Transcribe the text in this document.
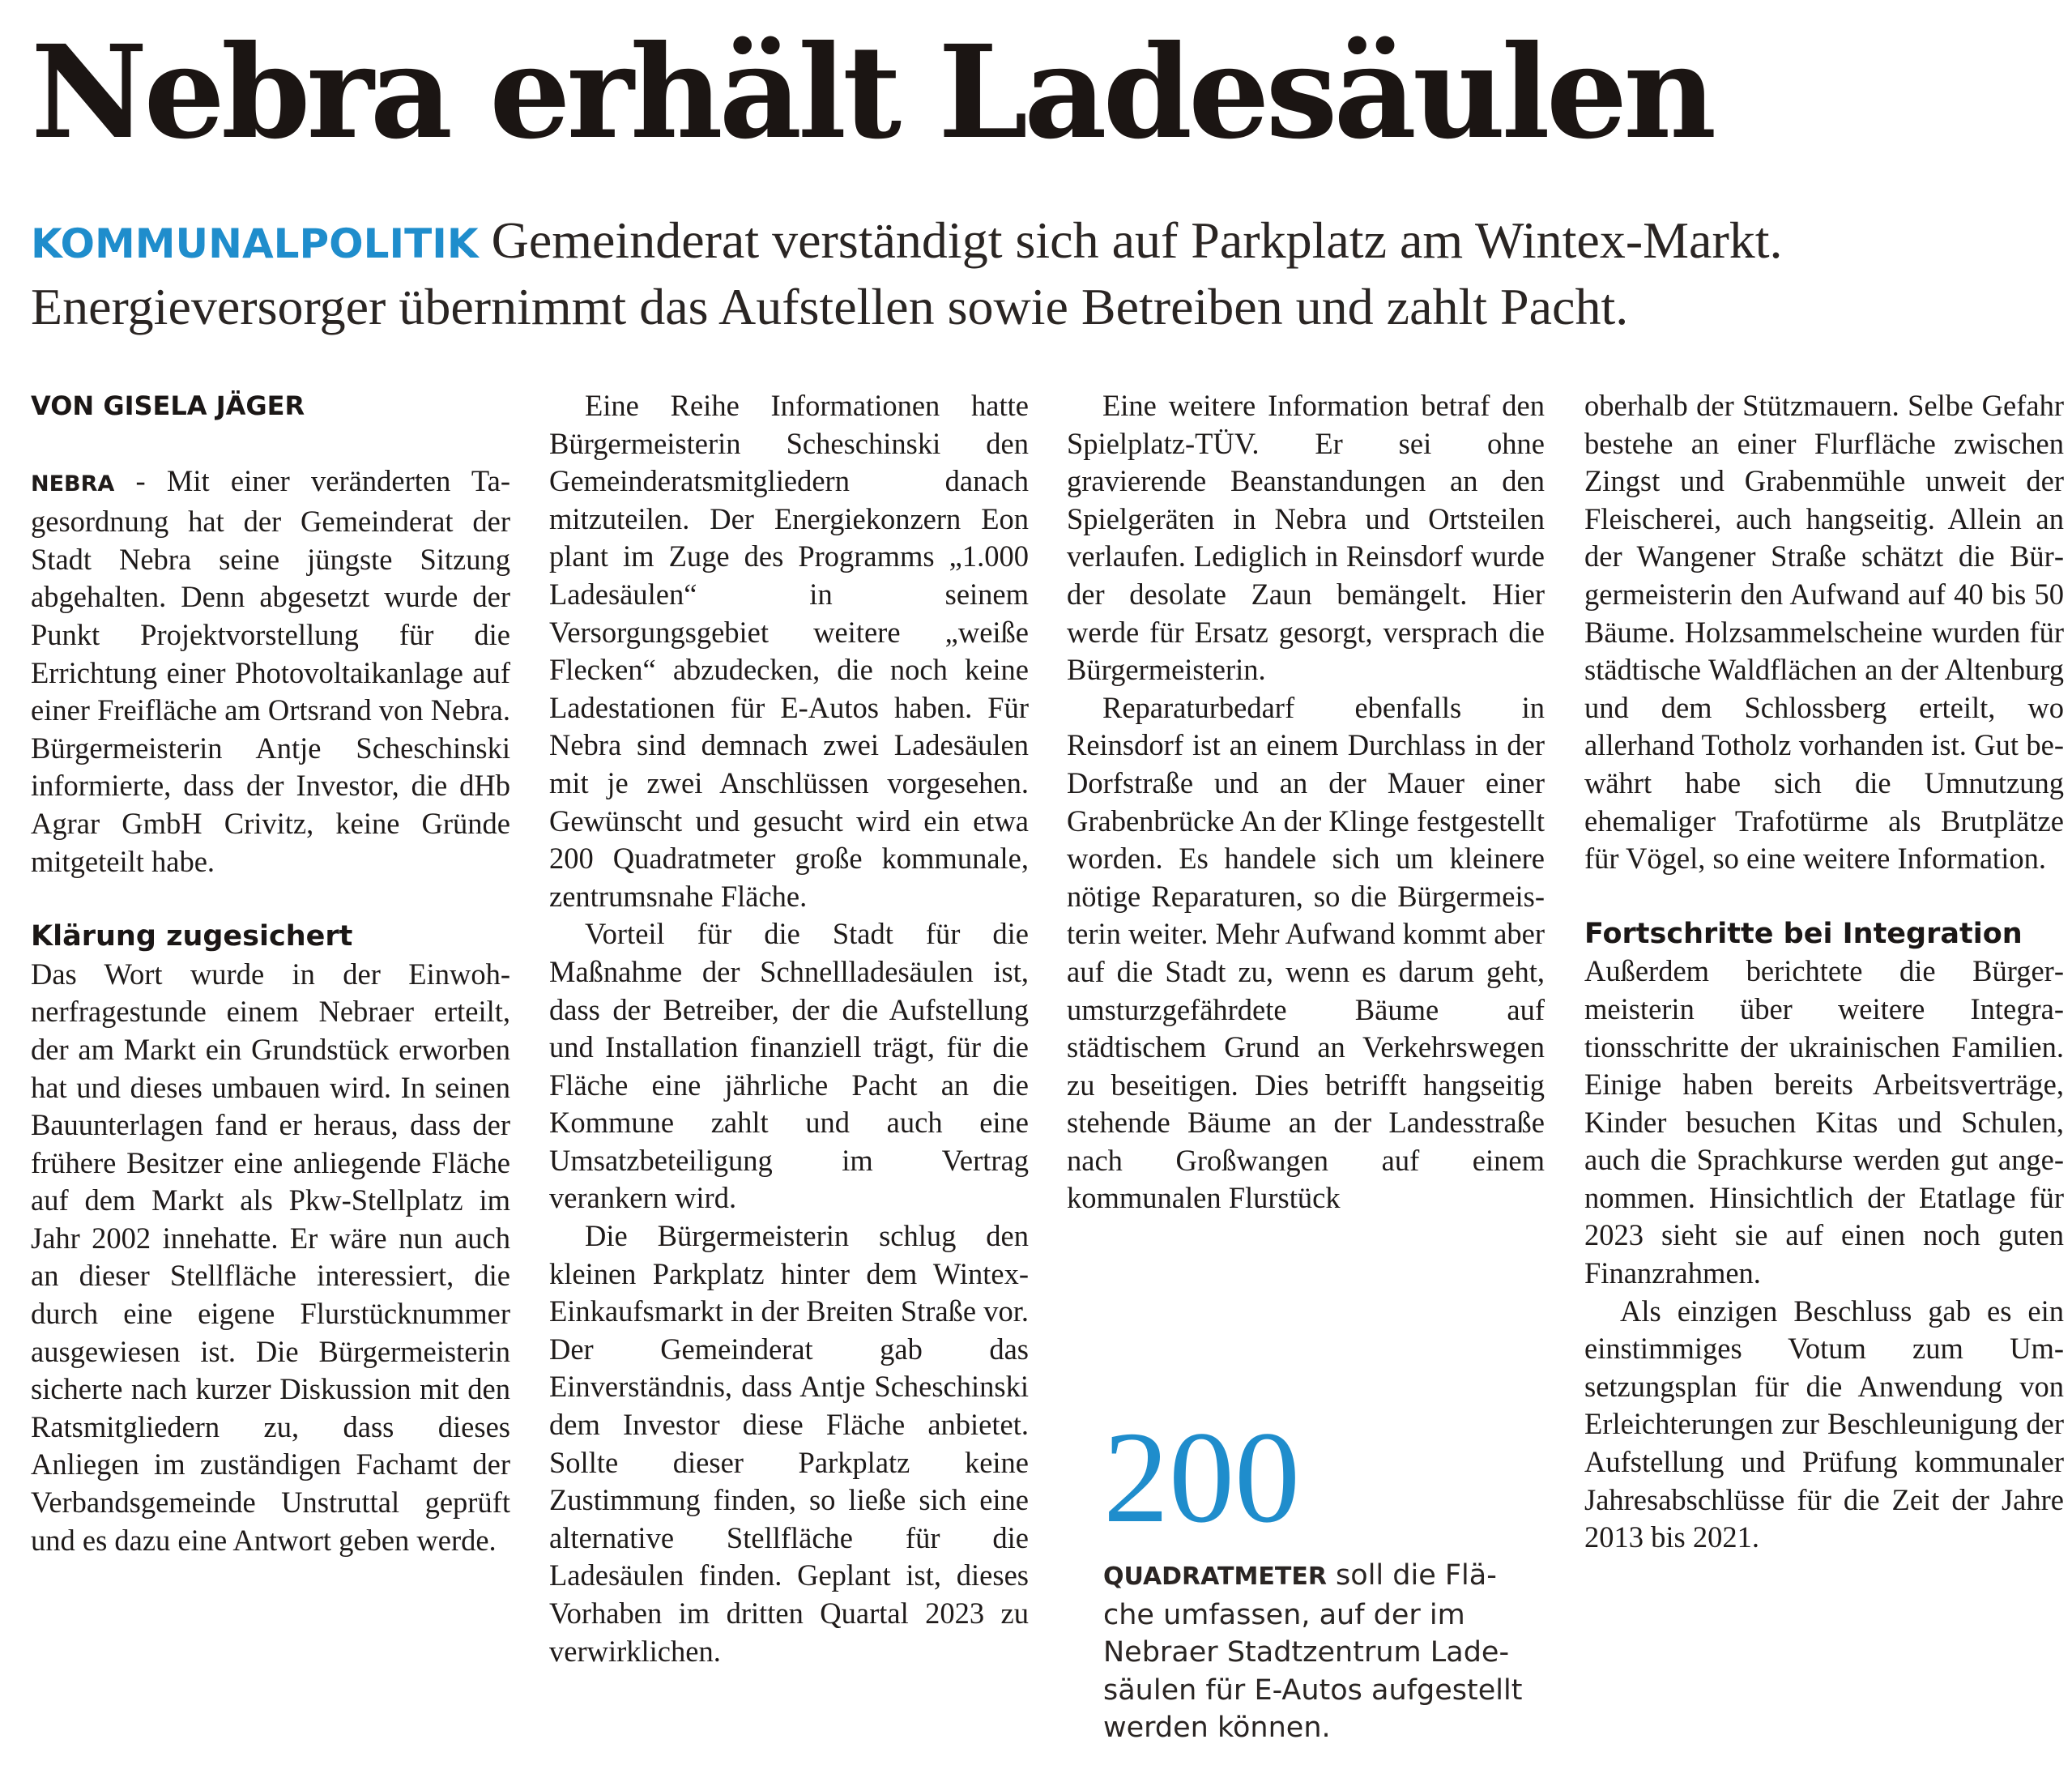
Nebra erhält Ladesäulen

KOMMUNALPOLITIK Gemeinderat verständigt sich auf Parkplatz am Wintex-Markt. Energieversorger übernimmt das Aufstellen sowie Betreiben und zahlt Pacht.

VON GISELA JÄGER

NEBRA - Mit einer veränderten Tagesordnung hat der Gemeinderat der Stadt Nebra seine jüngste Sitzung abgehalten. Denn abgesetzt wurde der Punkt Projektvorstellung für die Errichtung einer Photovoltaikanlage auf einer Freifläche am Ortsrand von Nebra. Bürgermeisterin Antje Scheschinski informierte, dass der Investor, die dHb Agrar GmbH Crivitz, keine Gründe mitgeteilt habe.

Klärung zugesichert

Das Wort wurde in der Einwohnerfragestunde einem Nebraer erteilt, der am Markt ein Grundstück erworben hat und dieses umbauen wird. In seinen Bauunterlagen fand er heraus, dass der frühere Besitzer eine anliegende Fläche auf dem Markt als Pkw-Stellplatz im Jahr 2002 innehatte. Er wäre nun auch an dieser Stellfläche interessiert, die durch eine eigene Flurstücknummer ausgewiesen ist. Die Bürgermeisterin sicherte nach kurzer Diskussion mit den Ratsmitgliedern zu, dass dieses Anliegen im zuständigen Fachamt der Verbandsgemeinde Unstruttal geprüft und es dazu eine Antwort geben werde.

Eine Reihe Informationen hatte Bürgermeisterin Scheschinski den Gemeinderatsmitgliedern danach mitzuteilen. Der Energiekonzern Eon plant im Zuge des Programms „1.000 Ladesäulen“ in seinem Versorgungsgebiet weitere „weiße Flecken“ abzudecken, die noch keine Ladestationen für E-Autos haben. Für Nebra sind demnach zwei Ladesäulen mit je zwei Anschlüssen vorgesehen. Gewünscht und gesucht wird ein etwa 200 Quadratmeter große kommunale, zentrumsnahe Fläche.

Vorteil für die Stadt für die Maßnahme der Schnellladesäulen ist, dass der Betreiber, der die Aufstellung und Installation finanziell trägt, für die Fläche eine jährliche Pacht an die Kommune zahlt und auch eine Umsatzbeteiligung im Vertrag verankern wird.

Die Bürgermeisterin schlug den kleinen Parkplatz hinter dem Wintex-Einkaufsmarkt in der Breiten Straße vor. Der Gemeinderat gab das Einverständnis, dass Antje Scheschinski dem Investor diese Fläche anbietet. Sollte dieser Parkplatz keine Zustimmung finden, so ließe sich eine alternative Stellfläche für die Ladesäulen finden. Geplant ist, dieses Vorhaben im dritten Quartal 2023 zu verwirklichen.

Eine weitere Information betraf den Spielplatz-TÜV. Er sei ohne gravierende Beanstandungen an den Spielgeräten in Nebra und Ortsteilen verlaufen. Lediglich in Reinsdorf wurde der desolate Zaun bemängelt. Hier werde für Ersatz gesorgt, versprach die Bürgermeisterin.

Reparaturbedarf ebenfalls in Reinsdorf ist an einem Durchlass in der Dorfstraße und an der Mauer einer Grabenbrücke An der Klinge festgestellt worden. Es handele sich um kleinere nötige Reparaturen, so die Bürgermeisterin weiter. Mehr Aufwand kommt aber auf die Stadt zu, wenn es darum geht, umsturzgefährdete Bäume auf städtischem Grund an Verkehrswegen zu beseitigen. Dies betrifft hangseitig stehende Bäume an der Landesstraße nach Großwangen auf einem kommunalen Flurstück

200
QUADRATMETER soll die Fläche umfassen, auf der im Nebraer Stadtzentrum Ladesäulen für E-Autos aufgestellt werden können.

oberhalb der Stützmauern. Selbe Gefahr bestehe an einer Flurfläche zwischen Zingst und Grabenmühle unweit der Fleischerei, auch hangseitig. Allein an der Wangener Straße schätzt die Bürgermeisterin den Aufwand auf 40 bis 50 Bäume. Holzsammelscheine wurden für städtische Waldflächen an der Altenburg und dem Schlossberg erteilt, wo allerhand Totholz vorhanden ist. Gut bewährt habe sich die Umnutzung ehemaliger Trafotürme als Brutplätze für Vögel, so eine weitere Information.

Fortschritte bei Integration

Außerdem berichtete die Bürgermeisterin über weitere Integrationsschritte der ukrainischen Familien. Einige haben bereits Arbeitsverträge, Kinder besuchen Kitas und Schulen, auch die Sprachkurse werden gut angenommen. Hinsichtlich der Etatlage für 2023 sieht sie auf einen noch guten Finanzrahmen.

Als einzigen Beschluss gab es ein einstimmiges Votum zum Umsetzungsplan für die Anwendung von Erleichterungen zur Beschleunigung der Aufstellung und Prüfung kommunaler Jahresabschlüsse für die Zeit der Jahre 2013 bis 2021.
